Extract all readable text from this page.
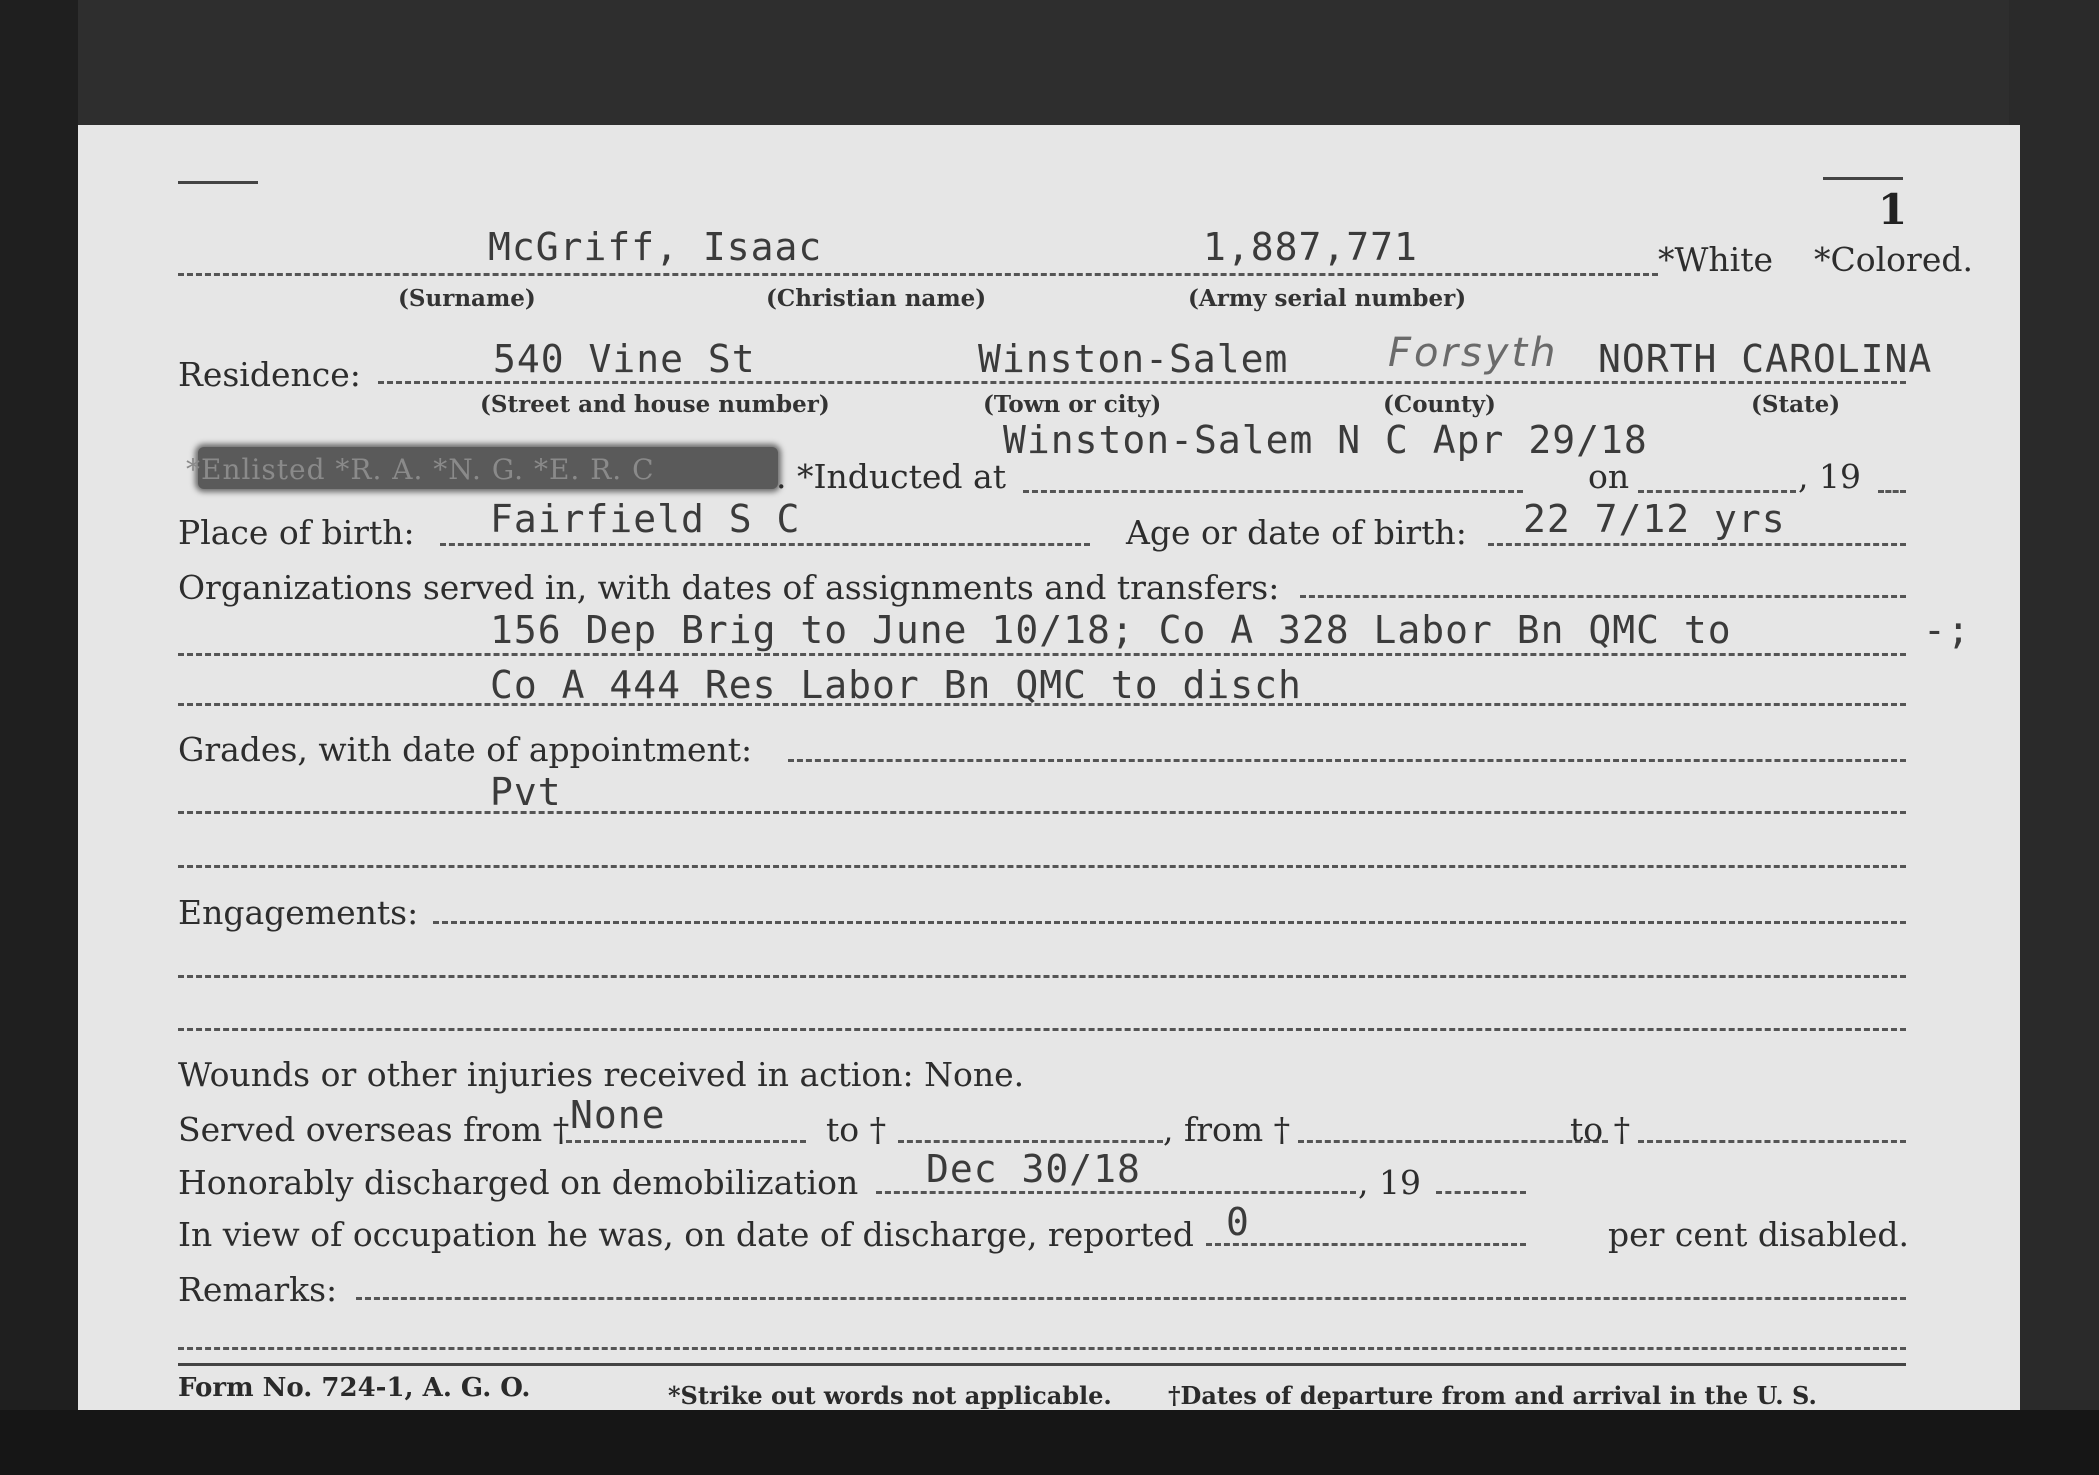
1
McGriff, Isaac	1,887,771	*White *Colored.
(Surname)	(Christian name)	(Army serial number)
Residence:	540 Vine St	Winston-Salem Forsyth NORTH CAROLINA
(Street and house number)	(Town or city)	(County)	(State)
Winston-Salem N C Apr 29/18
*Enlisted *R. A. *N. G. *E. R. C	. *Inducted at	on	, 19
Place of birth: Fairfield S C	Age or date of birth: 22 7/12 yrs
Organizations served in, with dates of assignments and transfers:
156 Dep Brig to June 10/18; Co A 328 Labor Bn QMC to	-;
Co A 444 Res Labor Bn QMC to disch
Grades, with date of appointment:
Pvt
Engagements:
Wounds or other injuries received in action: None.
Served overseas from † None	to †	, from †	to †
Honorably discharged on demobilization Dec 30/18	, 19
In view of occupation he was, on date of discharge, reported 0	per cent disabled.
Remarks:
Form No. 724-1, A. G. O.	*Strike out words not applicable. †Dates of departure from and arrival in the U. S.
